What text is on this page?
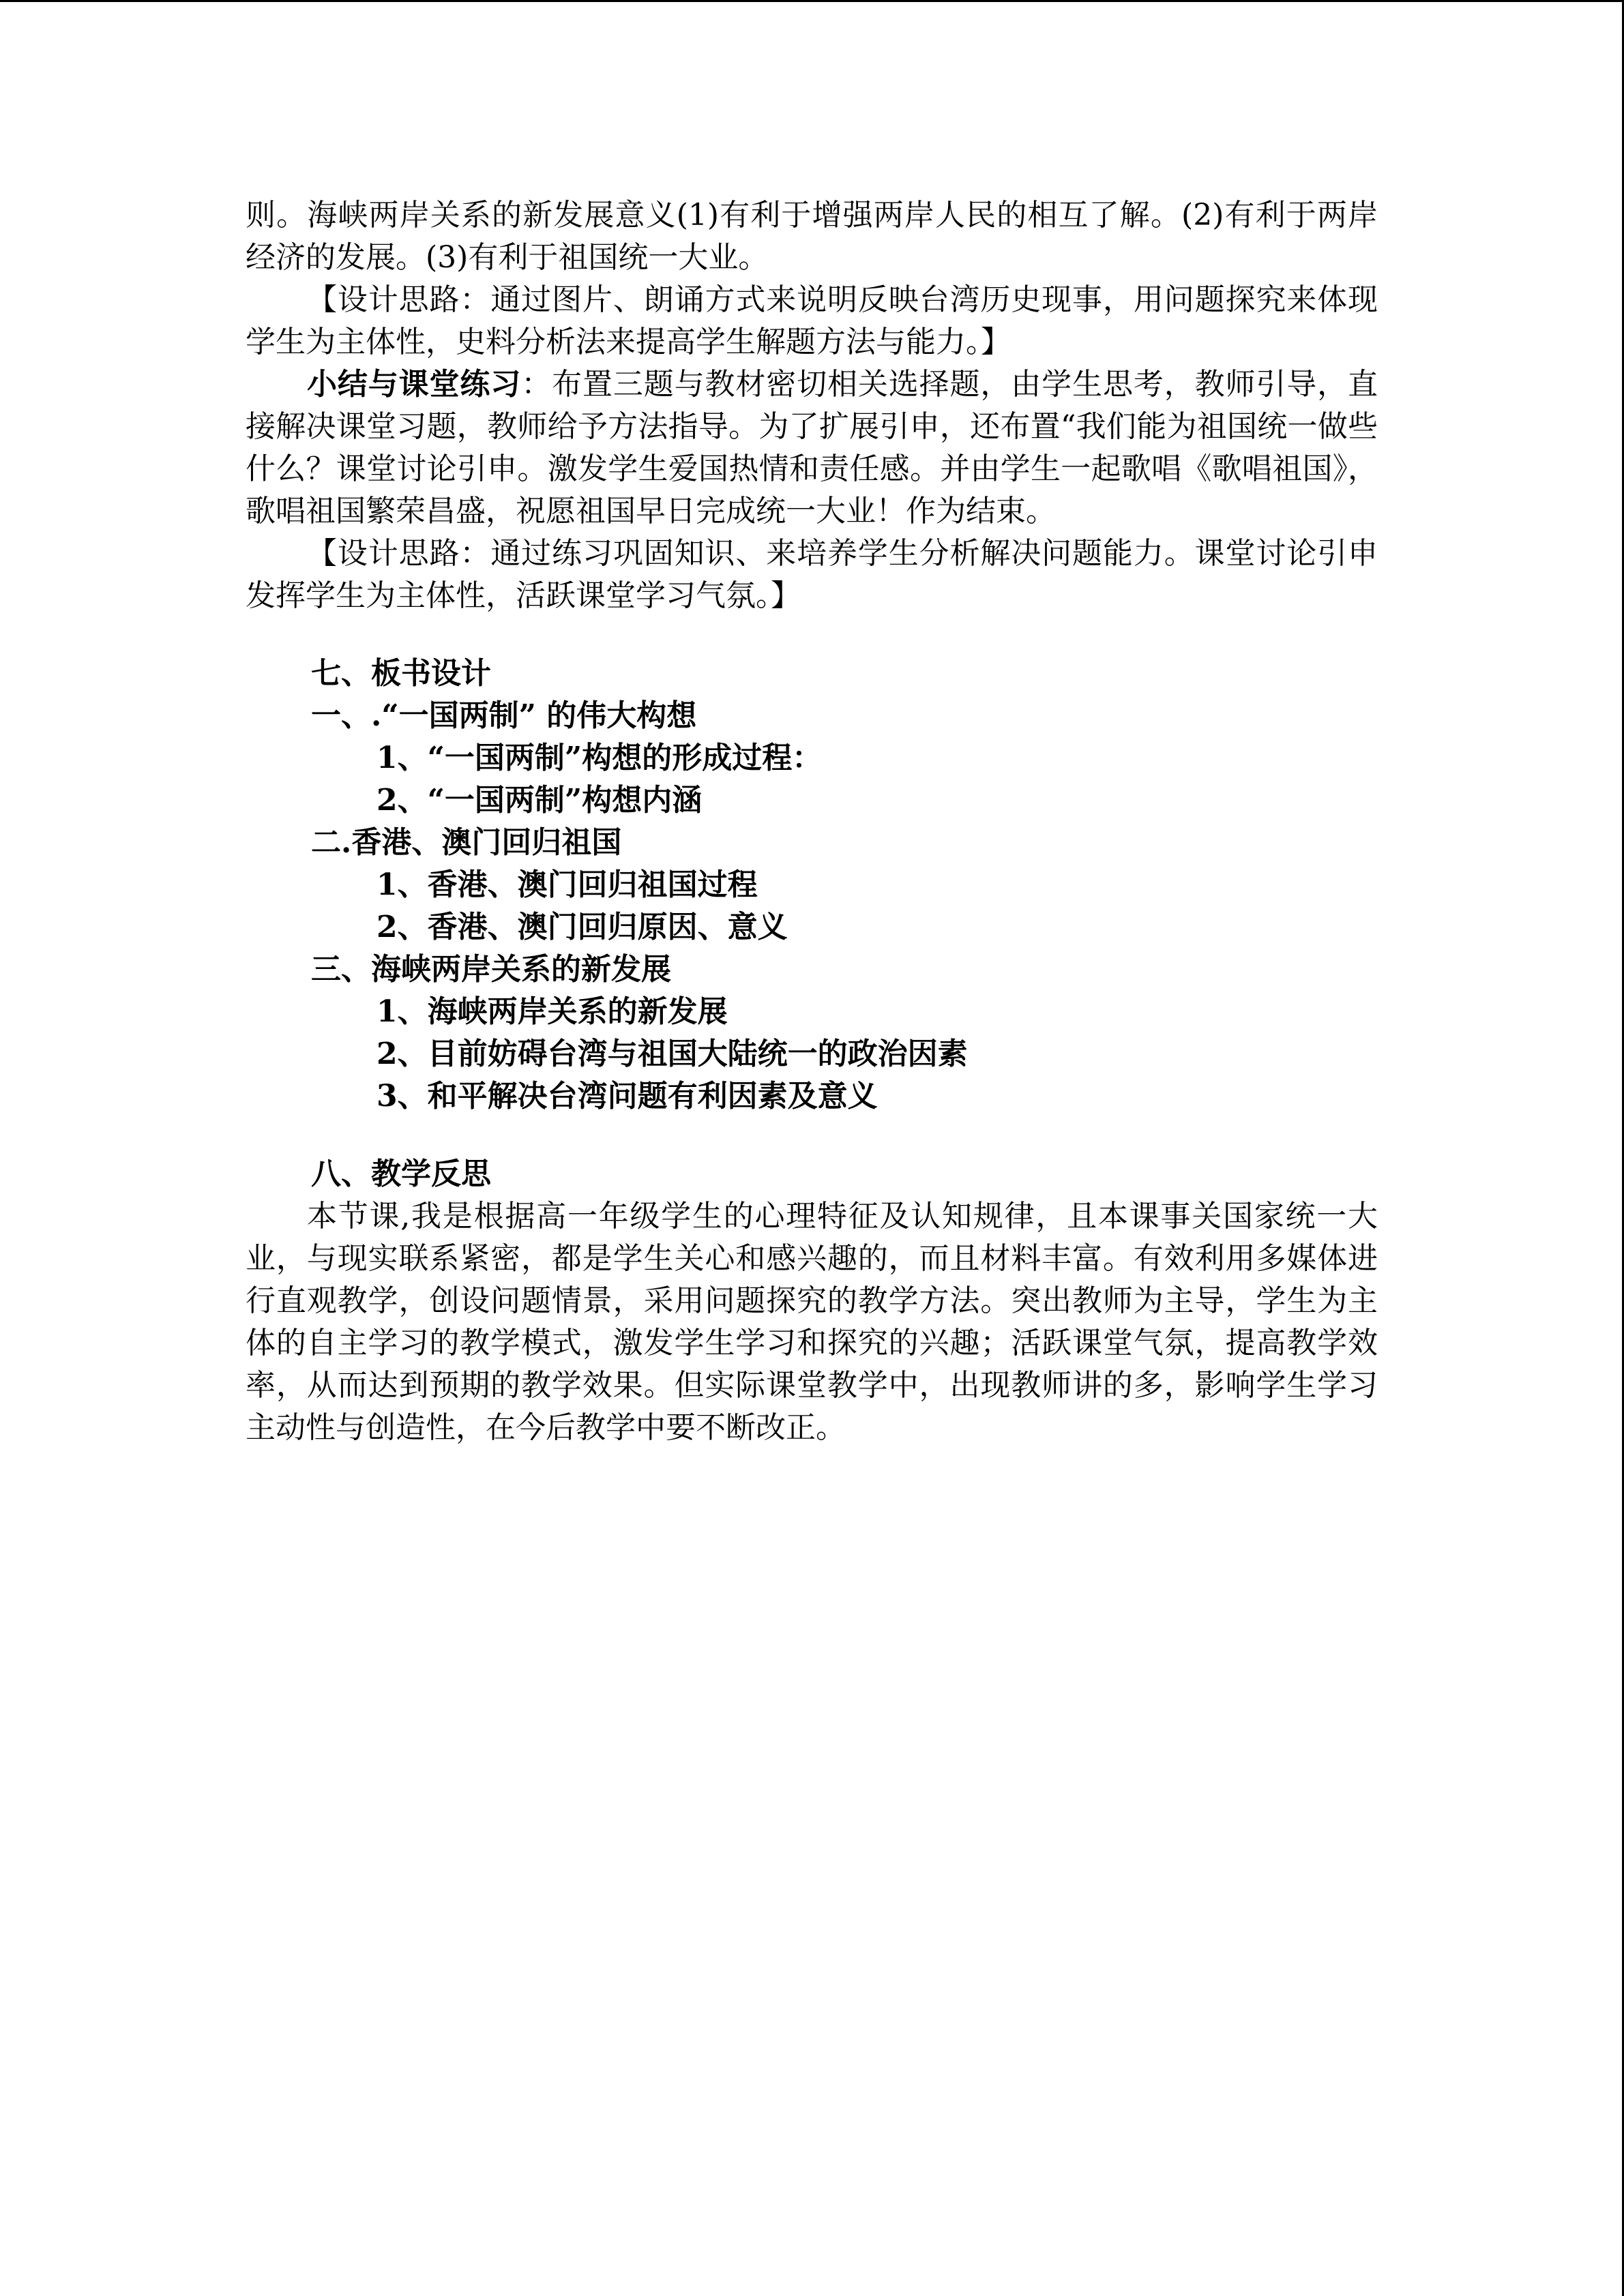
则。海峡两岸关系的新发展意义(1)有利于增强两岸人民的相互了解。(2)有利于两岸经济的发展。(3)有利于祖国统一大业。

【设计思路：通过图片、朗诵方式来说明反映台湾历史现事，用问题探究来体现学生为主体性，史料分析法来提高学生解题方法与能力。】

小结与课堂练习：布置三题与教材密切相关选择题，由学生思考，教师引导，直接解决课堂习题，教师给予方法指导。为了扩展引申，还布置“我们能为祖国统一做些什么？课堂讨论引申。激发学生爱国热情和责任感。并由学生一起歌唱《歌唱祖国》，歌唱祖国繁荣昌盛，祝愿祖国早日完成统一大业！作为结束。

【设计思路：通过练习巩固知识、来培养学生分析解决问题能力。课堂讨论引申发挥学生为主体性，活跃课堂学习气氛。】

七、板书设计

一、.“一国两制” 的伟大构想

1、“一国两制”构想的形成过程：

2、“一国两制”构想内涵

二.香港、澳门回归祖国

1、香港、澳门回归祖国过程

2、香港、澳门回归原因、意义

三、海峡两岸关系的新发展

1、海峡两岸关系的新发展

2、目前妨碍台湾与祖国大陆统一的政治因素

3、和平解决台湾问题有利因素及意义

八、教学反思

本节课,我是根据高一年级学生的心理特征及认知规律，且本课事关国家统一大业，与现实联系紧密，都是学生关心和感兴趣的，而且材料丰富。有效利用多媒体进行直观教学，创设问题情景，采用问题探究的教学方法。突出教师为主导，学生为主体的自主学习的教学模式，激发学生学习和探究的兴趣；活跃课堂气氛，提高教学效率，从而达到预期的教学效果。但实际课堂教学中，出现教师讲的多，影响学生学习主动性与创造性，在今后教学中要不断改正。
